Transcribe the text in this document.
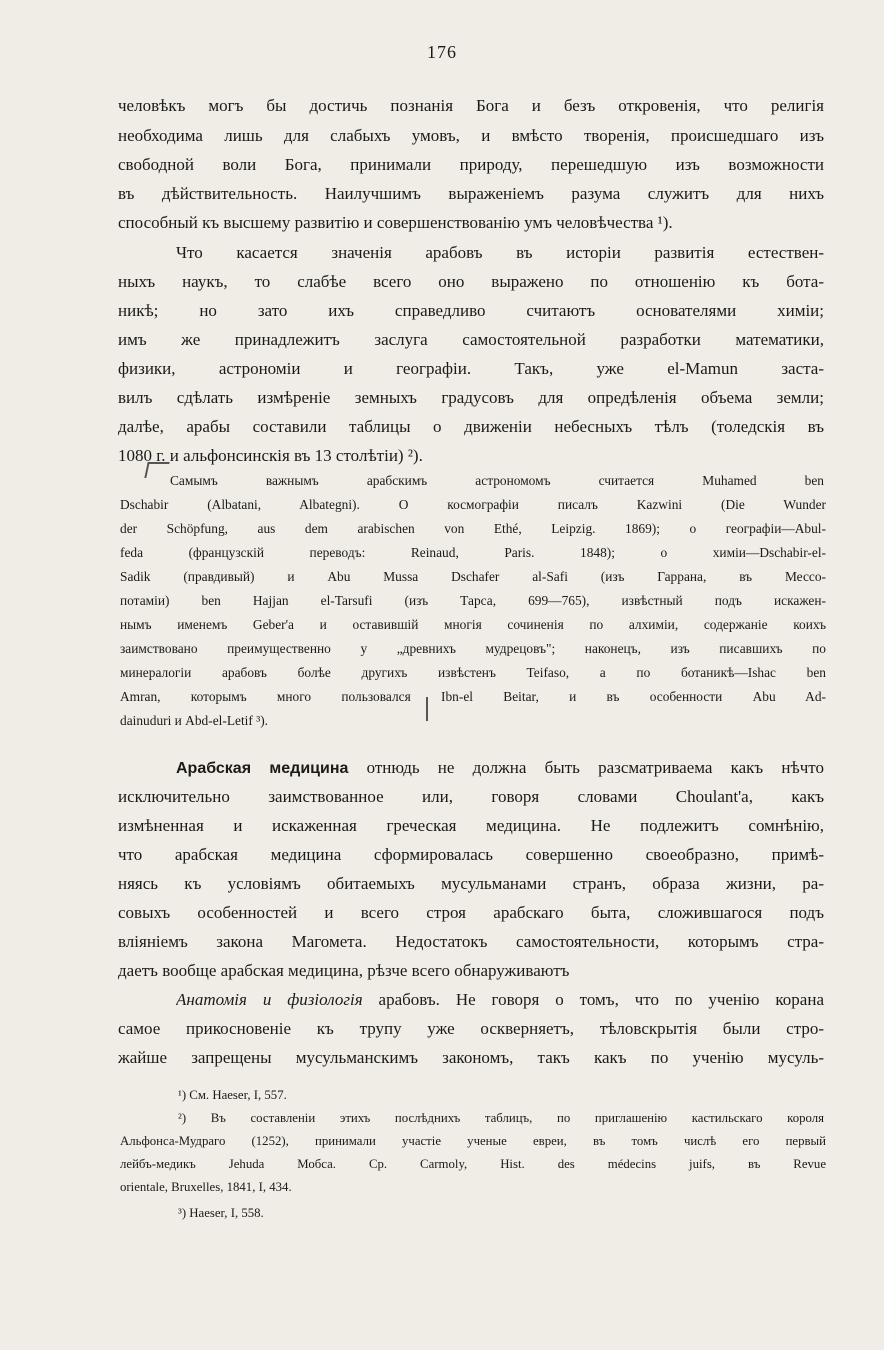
176
человѣкъ могъ бы достичь познанія Бога и безъ откровенія, что религія
необходима лишь для слабыхъ умовъ, и вмѣсто творенія, происшедшаго изъ
свободной воли Бога, принимали природу, перешедшую изъ возможности
въ дѣйствительность. Наилучшимъ выраженіемъ разума служитъ для нихъ
способный къ высшему развитію и совершенствованію умъ человѣчества ¹).
Что касается значенія арабовъ въ исторіи развитія естествен-
ныхъ наукъ, то слабѣе всего оно выражено по отношенію къ бота-
никѣ; но зато ихъ справедливо считаютъ основателями химіи;
имъ же принадлежитъ заслуга самостоятельной разработки математики,
физики, астрономіи и географіи. Такъ, уже el-Mamun заста-
вилъ сдѣлать измѣреніе земныхъ градусовъ для опредѣленія объема земли;
далѣе, арабы составили таблицы о движеніи небесныхъ тѣлъ (толедскія въ
1080 г. и альфонсинскія въ 13 столѣтіи) ²).
Самымъ важнымъ арабскимъ астрономомъ считается Muhamed ben
Dschabir (Albatani, Albategni). О космографіи писалъ Kazwini (Die Wunder
der Schöpfung, aus dem arabischen von Ethé, Leipzig. 1869); о географіи—Abul-
feda (французскій переводъ: Reinaud, Paris. 1848); о химіи—Dschabir-el-
Sadik (правдивый) и Abu Mussa Dschafer al-Safi (изъ Гаррана, въ Мессо-
потаміи) ben Hajjan el-Tarsufi (изъ Тарса, 699—765), извѣстный подъ искажен-
нымъ именемъ Geber'а и оставившій многія сочиненія по алхиміи, содержаніе коихъ
заимствовано преимущественно у „древнихъ мудрецовъ"; наконецъ, изъ писавшихъ по
минералогіи арабовъ болѣе другихъ извѣстенъ Teifaso, а по ботаникѣ—Ishac ben
Amran, которымъ много пользовался Ibn-el Beitar, и въ особенности Abu Ad-
dainuduri и Abd-el-Letif ³).
Арабская медицина отнюдь не должна быть разсматриваема какъ нѣчто
исключительно заимствованное или, говоря словами Choulant'a, какъ
измѣненная и искаженная греческая медицина. Не подлежитъ сомнѣнію,
что арабская медицина сформировалась совершенно своеобразно, примѣ-
няясь къ условіямъ обитаемыхъ мусульманами странъ, образа жизни, ра-
совыхъ особенностей и всего строя арабскаго быта, сложившагося подъ
вліяніемъ закона Магомета. Недостатокъ самостоятельности, которымъ стра-
даетъ вообще арабская медицина, рѣзче всего обнаруживаютъ
Анатомія и физіологія арабовъ. Не говоря о томъ, что по ученію корана
самое прикосновеніе къ трупу уже оскверняетъ, тѣловскрытія были стро-
жайше запрещены мусульманскимъ закономъ, такъ какъ по ученію мусуль-
¹) См. Haeser, I, 557.
²) Въ составленіи этихъ послѣднихъ таблицъ, по приглашенію кастильскаго короля
Альфонса-Мудраго (1252), принимали участіе ученые евреи, въ томъ числѣ его первый
лейбъ-медикъ Jehuda Мобса. Ср. Carmoly, Hist. des médecins juifs, въ Revue
orientale, Bruxelles, 1841, I, 434.
³) Haeser, I, 558.
